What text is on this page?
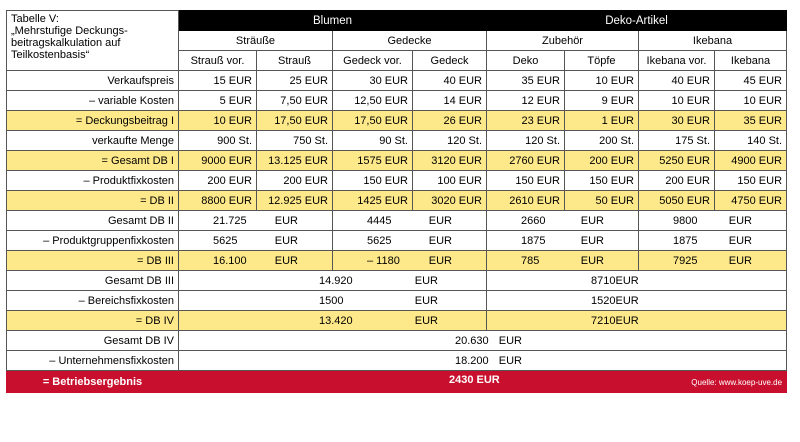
Tabelle V:
„Mehrstufige Deckungs-
beitragskalkulation auf
Teilkostenbasis“	Blumen				Deko-Artikel			
	Sträuße		Gedecke		Zubehör		Ikebana	
	Strauß vor.	Strauß	Gedeck vor.	Gedeck	Deko	Töpfe	Ikebana vor.	Ikebana
Verkaufspreis	15 EUR	25 EUR	30 EUR	40 EUR	35 EUR	10 EUR	40 EUR	45 EUR
– variable Kosten	5 EUR	7,50 EUR	12,50 EUR	14 EUR	12 EUR	9 EUR	10 EUR	10 EUR
= Deckungsbeitrag I	10 EUR	17,50 EUR	17,50 EUR	26 EUR	23 EUR	1 EUR	30 EUR	35 EUR
verkaufte Menge	900 St.	750 St.	90 St.	120 St.	120 St.	200 St.	175 St.	140 St.
= Gesamt DB I	9000 EUR	13.125 EUR	1575 EUR	3120 EUR	2760 EUR	200 EUR	5250 EUR	4900 EUR
– Produktfixkosten	200 EUR	200 EUR	150 EUR	100 EUR	150 EUR	150 EUR	200 EUR	150 EUR
= DB II	8800 EUR	12.925 EUR	1425 EUR	3020 EUR	2610 EUR	50 EUR	5050 EUR	4750 EUR
Gesamt DB II	21.725 EUR		4445 EUR		2660 EUR		9800 EUR	

– Produktgruppenfixkosten	5625 EUR		5625 EUR		1875 EUR		1875 EUR	

= DB III	16.100 EUR		– 1180 EUR		785 EUR		7925 EUR	

Gesamt DB III	14.920 EUR				8710 EUR			

– Bereichsfixkosten	1500 EUR				1520 EUR			

= DB IV	13.420 EUR				7210 EUR			

Gesamt DB IV	20.630 EUR							

– Unternehmensfixkosten	18.200 EUR							

= Betriebsergebnis	2430 EUR Quelle: www.koep-uve.de							
